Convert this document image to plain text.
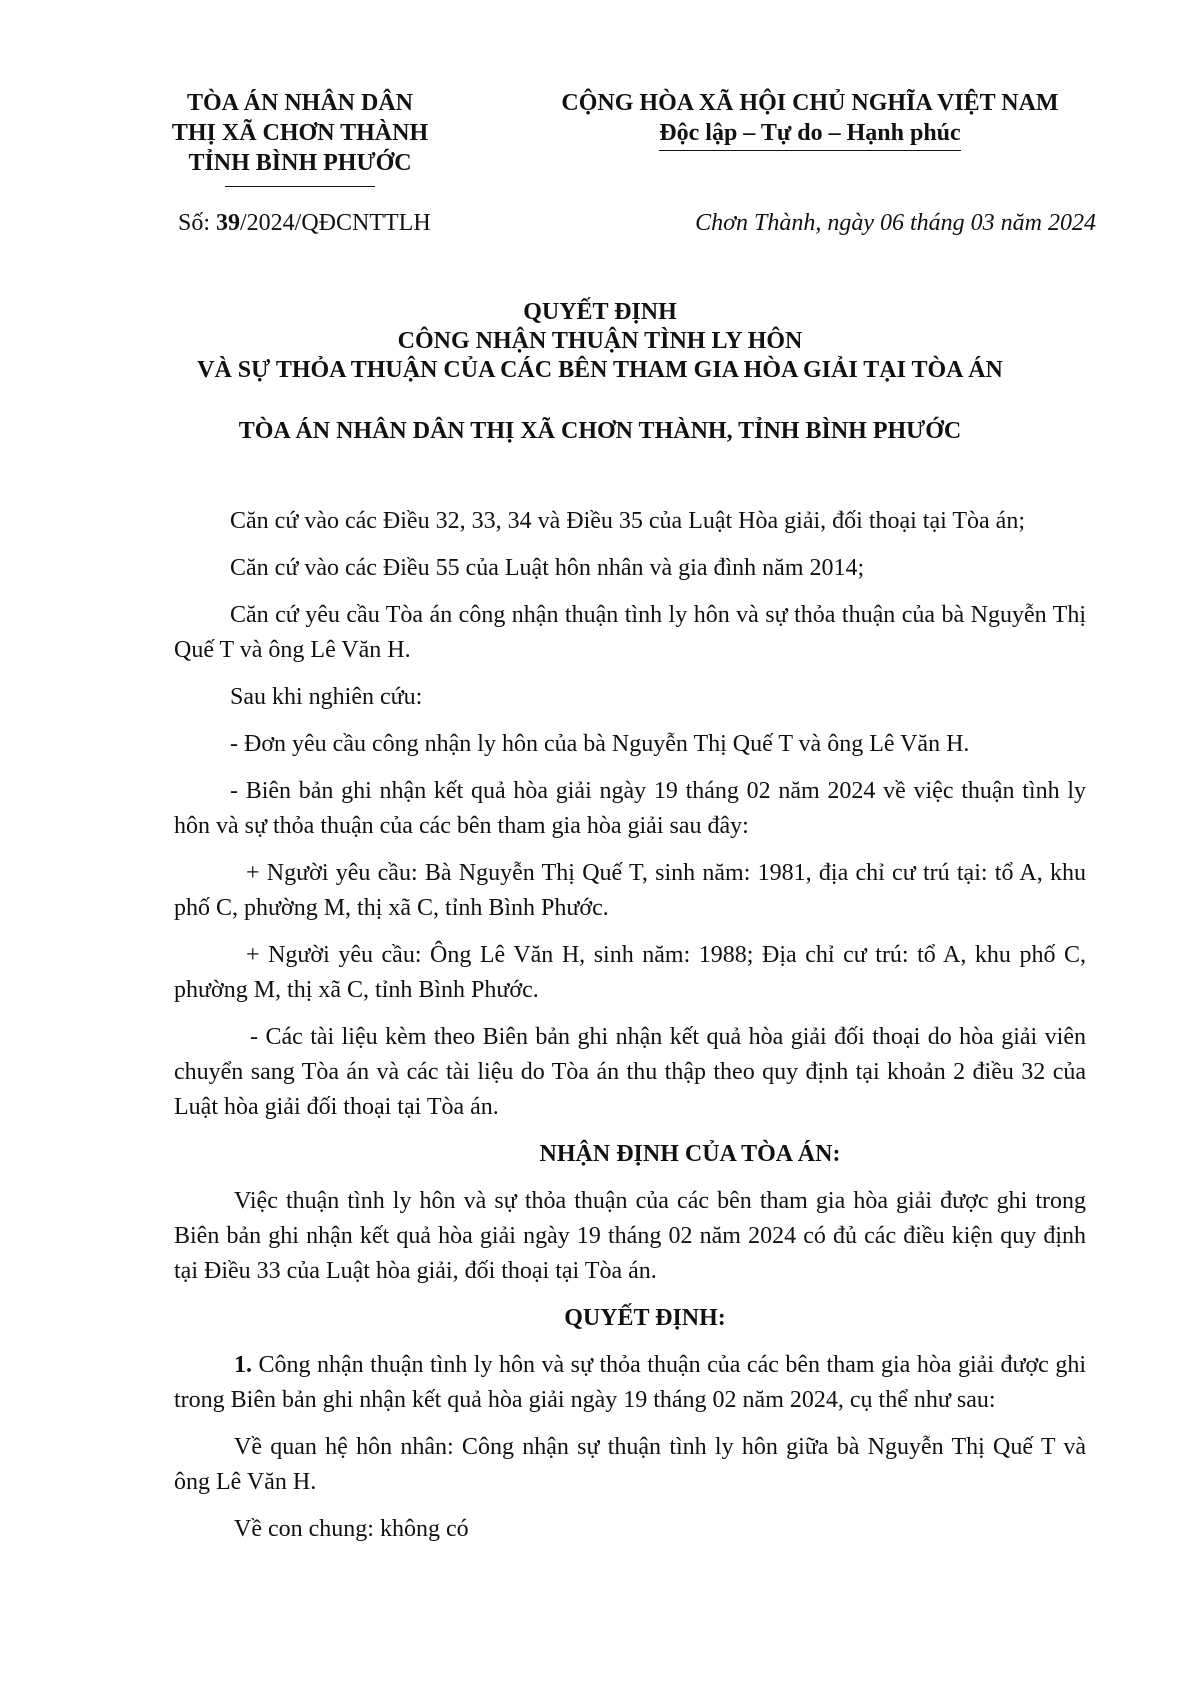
TÒA ÁN NHÂN DÂN
THỊ XÃ CHƠN THÀNH
TỈNH BÌNH PHƯỚC
CỘNG HÒA XÃ HỘI CHỦ NGHĨA VIỆT NAM
Độc lập – Tự do – Hạnh phúc
Số: 39/2024/QĐCNTTLH	Chơn Thành, ngày 06 tháng 03 năm 2024
QUYẾT ĐỊNH
CÔNG NHẬN THUẬN TÌNH LY HÔN
VÀ SỰ THỎA THUẬN CỦA CÁC BÊN THAM GIA HÒA GIẢI TẠI TÒA ÁN
TÒA ÁN NHÂN DÂN THỊ XÃ CHƠN THÀNH, TỈNH BÌNH PHƯỚC

Căn cứ vào các Điều 32, 33, 34 và Điều 35 của Luật Hòa giải, đối thoại tại Tòa án;

Căn cứ vào các Điều 55 của Luật hôn nhân và gia đình năm 2014;

Căn cứ yêu cầu Tòa án công nhận thuận tình ly hôn và sự thỏa thuận của bà Nguyễn Thị Quế T và ông Lê Văn H.

Sau khi nghiên cứu:

- Đơn yêu cầu công nhận ly hôn của bà Nguyễn Thị Quế T và ông Lê Văn H.

- Biên bản ghi nhận kết quả hòa giải ngày 19 tháng 02 năm 2024 về việc thuận tình ly hôn và sự thỏa thuận của các bên tham gia hòa giải sau đây:

+ Người yêu cầu: Bà Nguyễn Thị Quế T, sinh năm: 1981, địa chỉ cư trú tại: tổ A, khu phố C, phường M, thị xã C, tỉnh Bình Phước.

+ Người yêu cầu: Ông Lê Văn H, sinh năm: 1988; Địa chỉ cư trú: tổ A, khu phố C, phường M, thị xã C, tỉnh Bình Phước.

- Các tài liệu kèm theo Biên bản ghi nhận kết quả hòa giải đối thoại do hòa giải viên chuyển sang Tòa án và các tài liệu do Tòa án thu thập theo quy định tại khoản 2 điều 32 của Luật hòa giải đối thoại tại Tòa án.

NHẬN ĐỊNH CỦA TÒA ÁN:

Việc thuận tình ly hôn và sự thỏa thuận của các bên tham gia hòa giải được ghi trong Biên bản ghi nhận kết quả hòa giải ngày 19 tháng 02 năm 2024 có đủ các điều kiện quy định tại Điều 33 của Luật hòa giải, đối thoại tại Tòa án.

QUYẾT ĐỊNH:

1. Công nhận thuận tình ly hôn và sự thỏa thuận của các bên tham gia hòa giải được ghi trong Biên bản ghi nhận kết quả hòa giải ngày 19 tháng 02 năm 2024, cụ thể như sau:

Về quan hệ hôn nhân: Công nhận sự thuận tình ly hôn giữa bà Nguyễn Thị Quế T và ông Lê Văn H.

Về con chung: không có
